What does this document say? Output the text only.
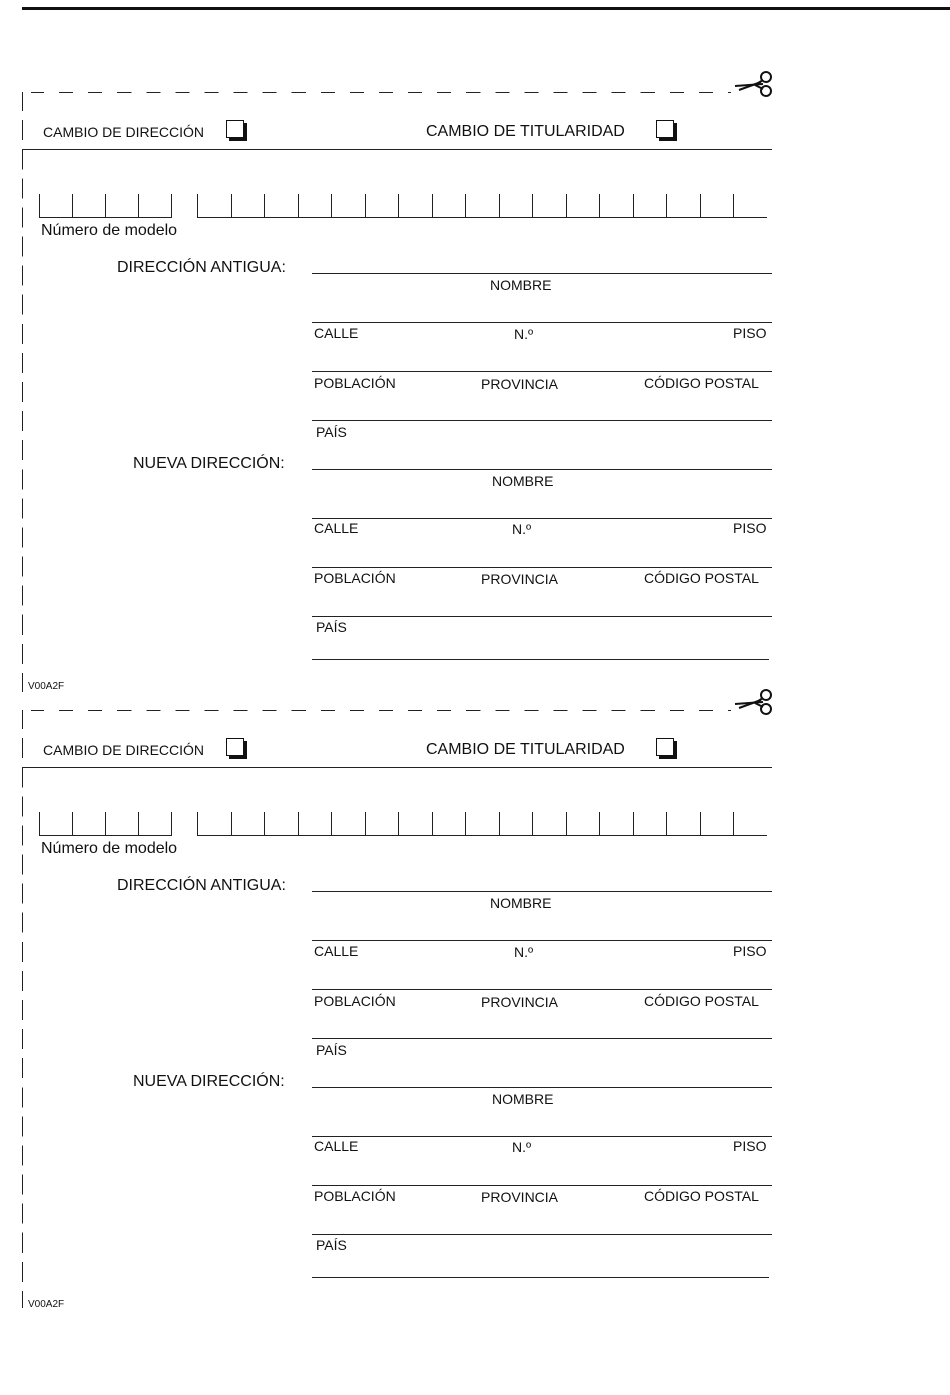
CAMBIO DE DIRECCIÓN	CAMBIO DE TITULARIDAD
Número de modelo
DIRECCIÓN ANTIGUA:
NOMBRE
CALLE	N.º	PISO
POBLACIÓN	PROVINCIA	CÓDIGO POSTAL
PAÍS
NUEVA DIRECCIÓN:
NOMBRE
CALLE	N.º	PISO
POBLACIÓN	PROVINCIA	CÓDIGO POSTAL
PAÍS
V00A2F
CAMBIO DE DIRECCIÓN	CAMBIO DE TITULARIDAD
Número de modelo
DIRECCIÓN ANTIGUA:
NOMBRE
CALLE	N.º	PISO
POBLACIÓN	PROVINCIA	CÓDIGO POSTAL
PAÍS
NUEVA DIRECCIÓN:
NOMBRE
CALLE	N.º	PISO
POBLACIÓN	PROVINCIA	CÓDIGO POSTAL
PAÍS
V00A2F
